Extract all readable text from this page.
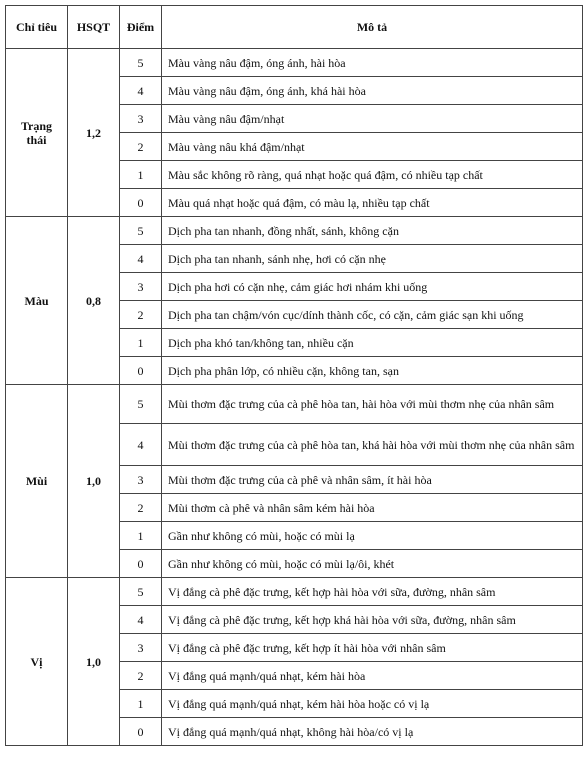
Chỉ tiêu	HSQT	Điểm	Mô tả
Trạng thái	1,2	5	Màu vàng nâu đậm, óng ánh, hài hòa
		4	Màu vàng nâu đậm, óng ánh, khá hài hòa
		3	Màu vàng nâu đậm/nhạt
		2	Màu vàng nâu khá đậm/nhạt
		1	Màu sắc không rõ ràng, quá nhạt hoặc quá đậm, có nhiều tạp chất
		0	Màu quá nhạt hoặc quá đậm, có màu lạ, nhiều tạp chất
Màu	0,8	5	Dịch pha tan nhanh, đồng nhất, sánh, không cặn
		4	Dịch pha tan nhanh, sánh nhẹ, hơi có cặn nhẹ
		3	Dịch pha hơi có cặn nhẹ, cảm giác hơi nhám khi uống
		2	Dịch pha tan chậm/vón cục/dính thành cốc, có cặn, cảm giác sạn khi uống
		1	Dịch pha khó tan/không tan, nhiều cặn
		0	Dịch pha phân lớp, có nhiều cặn, không tan, sạn
Mùi	1,0	5	Mùi thơm đặc trưng của cà phê hòa tan, hài hòa với mùi thơm nhẹ của nhân sâm
		4	Mùi thơm đặc trưng của cà phê hòa tan, khá hài hòa với mùi thơm nhẹ của nhân sâm
		3	Mùi thơm đặc trưng của cà phê và nhân sâm, ít hài hòa
		2	Mùi thơm cà phê và nhân sâm kém hài hòa
		1	Gần như không có mùi, hoặc có mùi lạ
		0	Gần như không có mùi, hoặc có mùi lạ/ôi, khét
Vị	1,0	5	Vị đắng cà phê đặc trưng, kết hợp hài hòa với sữa, đường, nhân sâm
		4	Vị đắng cà phê đặc trưng, kết hợp khá hài hòa với sữa, đường, nhân sâm
		3	Vị đắng cà phê đặc trưng, kết hợp ít hài hòa với nhân sâm
		2	Vị đắng quá mạnh/quá nhạt, kém hài hòa
		1	Vị đắng quá mạnh/quá nhạt, kém hài hòa hoặc có vị lạ
		0	Vị đắng quá mạnh/quá nhạt, không hài hòa/có vị lạ
